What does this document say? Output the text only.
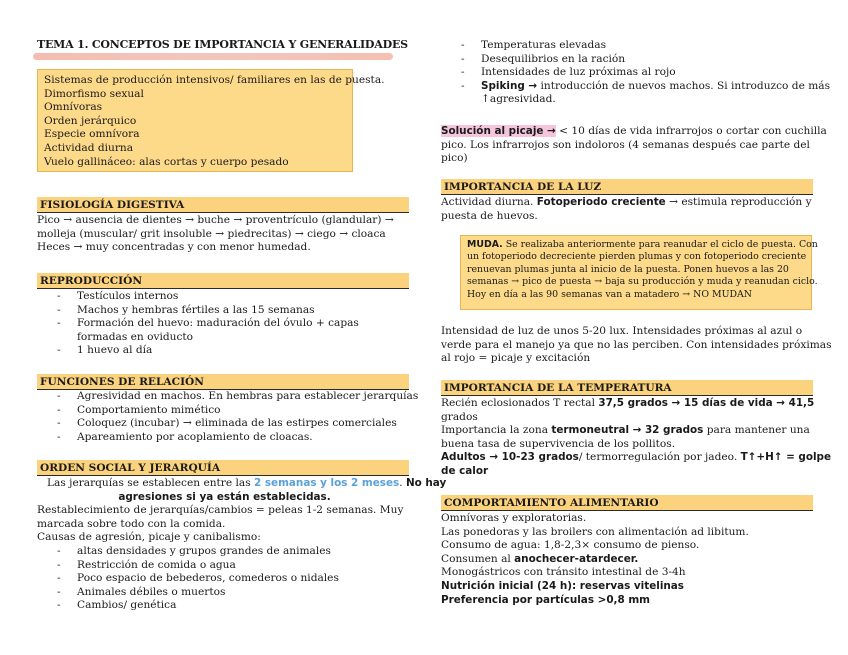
TEMA 1. CONCEPTOS DE IMPORTANCIA Y GENERALIDADES
Sistemas de producción intensivos/ familiares en las de puesta.
Dimorfismo sexual
Omnívoras
Orden jerárquico
Especie omnívora
Actividad diurna
Vuelo gallináceo: alas cortas y cuerpo pesado
FISIOLOGÍA DIGESTIVA
Pico → ausencia de dientes → buche → proventrículo (glandular) →
molleja (muscular/ grit insoluble → piedrecitas) → ciego → cloaca
Heces → muy concentradas y con menor humedad.
REPRODUCCIÓN
- Testículos internos
- Machos y hembras fértiles a las 15 semanas
- Formación del huevo: maduración del óvulo + capas formadas en oviducto
- 1 huevo al día
FUNCIONES DE RELACIÓN
- Agresividad en machos. En hembras para establecer jerarquías
- Comportamiento mimético
- Coloquez (incubar) → eliminada de las estirpes comerciales
- Apareamiento por acoplamiento de cloacas.
ORDEN SOCIAL Y JERARQUÍA
Las jerarquías se establecen entre las 2 semanas y los 2 meses. No hay
agresiones si ya están establecidas.
Restablecimiento de jerarquías/cambios = peleas 1-2 semanas. Muy
marcada sobre todo con la comida.
Causas de agresión, picaje y canibalismo:
- altas densidades y grupos grandes de animales
- Restricción de comida o agua
- Poco espacio de bebederos, comederos o nidales
- Animales débiles o muertos
- Cambios/ genética
- Temperaturas elevadas
- Desequilibrios en la ración
- Intensidades de luz próximas al rojo
- Spiking → introducción de nuevos machos. Si introduzco de más
↑agresividad.
Solución al picaje → < 10 días de vida infrarrojos o cortar con cuchilla
pico. Los infrarrojos son indoloros (4 semanas después cae parte del
pico)
IMPORTANCIA DE LA LUZ
Actividad diurna. Fotoperiodo creciente → estimula reproducción y
puesta de huevos.
MUDA. Se realizaba anteriormente para reanudar el ciclo de puesta. Con
un fotoperiodo decreciente pierden plumas y con fotoperiodo creciente
renuevan plumas junta al inicio de la puesta. Ponen huevos a las 20
semanas → pico de puesta → baja su producción y muda y reanudan ciclo.
Hoy en día a las 90 semanas van a matadero → NO MUDAN
Intensidad de luz de unos 5-20 lux. Intensidades próximas al azul o
verde para el manejo ya que no las perciben. Con intensidades próximas
al rojo = picaje y excitación
IMPORTANCIA DE LA TEMPERATURA
Recién eclosionados T rectal 37,5 grados → 15 días de vida → 41,5
grados
Importancia la zona termoneutral → 32 grados para mantener una
buena tasa de supervivencia de los pollitos.
Adultos → 10-23 grados/ termorregulación por jadeo. T↑+H↑ = golpe
de calor
COMPORTAMIENTO ALIMENTARIO
Omnívoras y exploratorias.
Las ponedoras y las broilers con alimentación ad libitum.
Consumo de agua: 1,8-2,3× consumo de pienso.
Consumen al anochecer-atardecer.
Monogástricos con tránsito intestinal de 3-4h
Nutrición inicial (24 h): reservas vitelinas
Preferencia por partículas >0,8 mm
